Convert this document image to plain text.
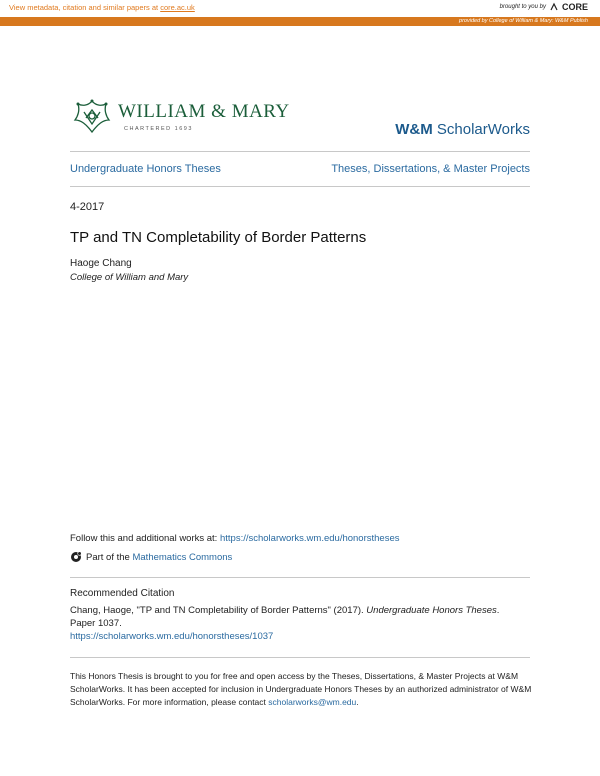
View metadata, citation and similar papers at core.ac.uk	brought to you by CORE
provided by College of William & Mary: W&M Publish
WILLIAM & MARY
CHARTERED 1693	W&M ScholarWorks
Undergraduate Honors Theses	Theses, Dissertations, & Master Projects
4-2017
TP and TN Completability of Border Patterns
Haoge Chang
College of William and Mary
Follow this and additional works at: https://scholarworks.wm.edu/honorstheses
Part of the Mathematics Commons
Recommended Citation
Chang, Haoge, "TP and TN Completability of Border Patterns" (2017). Undergraduate Honors Theses.
Paper 1037.
https://scholarworks.wm.edu/honorstheses/1037
This Honors Thesis is brought to you for free and open access by the Theses, Dissertations, & Master Projects at W&M ScholarWorks. It has been accepted for inclusion in Undergraduate Honors Theses by an authorized administrator of W&M ScholarWorks. For more information, please contact scholarworks@wm.edu.
